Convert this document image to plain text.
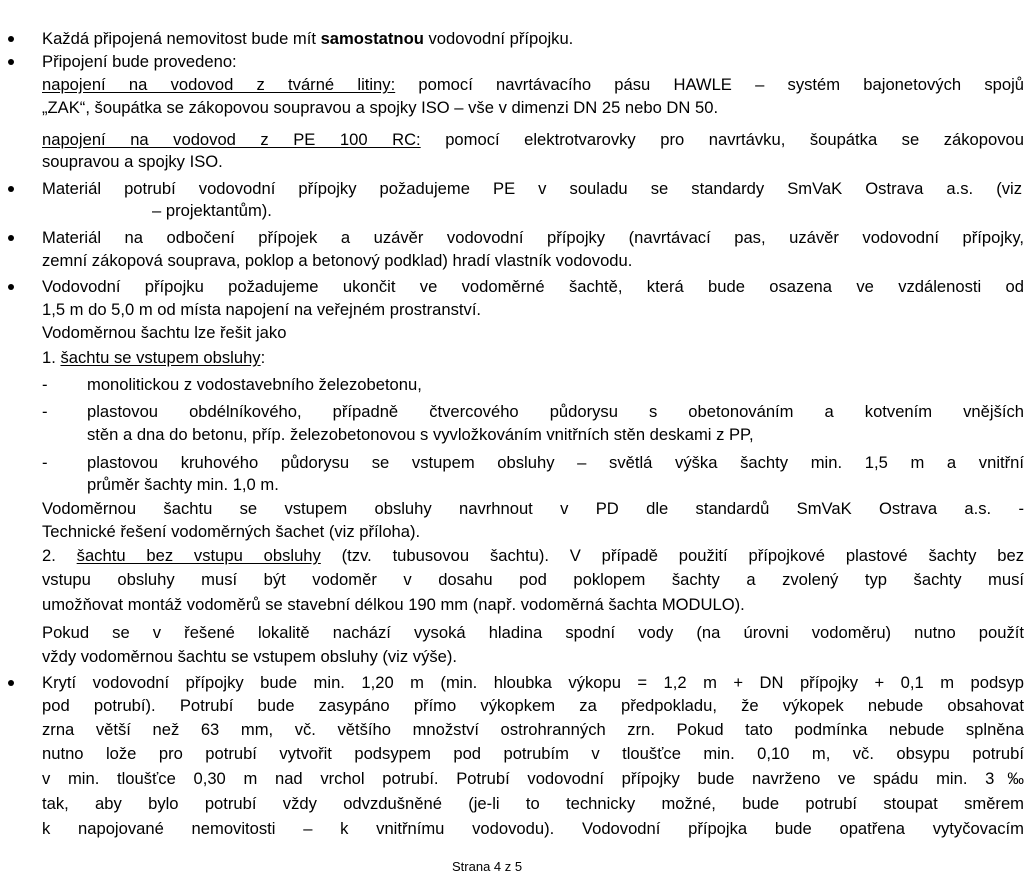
Každá připojená nemovitost bude mít samostatnou vodovodní přípojku.
Připojení bude provedeno:
napojení na vodovod z tvárné litiny: pomocí navrtávacího pásu HAWLE – systém bajonetových spojů
„ZAK“, šoupátka se zákopovou soupravou a spojky ISO – vše v dimenzi DN 25 nebo DN 50.
napojení na vodovod z PE 100 RC: pomocí elektrotvarovky pro navrtávku, šoupátka se zákopovou
soupravou a spojky ISO.
Materiál potrubí vodovodní přípojky požadujeme PE v souladu se standardy SmVaK Ostrava a.s. (viz
– projektantům).
Materiál na odbočení přípojek a uzávěr vodovodní přípojky (navrtávací pas, uzávěr vodovodní přípojky,
zemní zákopová souprava, poklop a betonový podklad) hradí vlastník vodovodu.
Vodovodní přípojku požadujeme ukončit ve vodoměrné šachtě, která bude osazena ve vzdálenosti od
1,5 m do 5,0 m od místa napojení na veřejném prostranství.
Vodoměrnou šachtu lze řešit jako
1. šachtu se vstupem obsluhy:
- monolitickou z vodostavebního železobetonu,
- plastovou obdélníkového, případně čtvercového půdorysu s obetonováním a kotvením vnějších
stěn a dna do betonu, příp. železobetonovou s vyvložkováním vnitřních stěn deskami z PP,
- plastovou kruhového půdorysu se vstupem obsluhy – světlá výška šachty min. 1,5 m a vnitřní
průměr šachty min. 1,0 m.
Vodoměrnou šachtu se vstupem obsluhy navrhnout v PD dle standardů SmVaK Ostrava a.s. -
Technické řešení vodoměrných šachet (viz příloha).
2. šachtu bez vstupu obsluhy (tzv. tubusovou šachtu). V případě použití přípojkové plastové šachty bez
vstupu obsluhy musí být vodoměr v dosahu pod poklopem šachty a zvolený typ šachty musí
umožňovat montáž vodoměrů se stavební délkou 190 mm (např. vodoměrná šachta MODULO).
Pokud se v řešené lokalitě nachází vysoká hladina spodní vody (na úrovni vodoměru) nutno použít
vždy vodoměrnou šachtu se vstupem obsluhy (viz výše).
Krytí vodovodní přípojky bude min. 1,20 m (min. hloubka výkopu = 1,2 m + DN přípojky + 0,1 m podsyp
pod potrubí). Potrubí bude zasypáno přímo výkopkem za předpokladu, že výkopek nebude obsahovat
zrna větší než 63 mm, vč. většího množství ostrohranných zrn. Pokud tato podmínka nebude splněna
nutno lože pro potrubí vytvořit podsypem pod potrubím v tloušťce min. 0,10 m, vč. obsypu potrubí
v min. tloušťce 0,30 m nad vrchol potrubí. Potrubí vodovodní přípojky bude navrženo ve spádu min. 3‰
tak, aby bylo potrubí vždy odvzdušněné (je-li to technicky možné, bude potrubí stoupat směrem
k napojované nemovitosti – k vnitřnímu vodovodu). Vodovodní přípojka bude opatřena vytyčovacím
Strana 4 z 5
